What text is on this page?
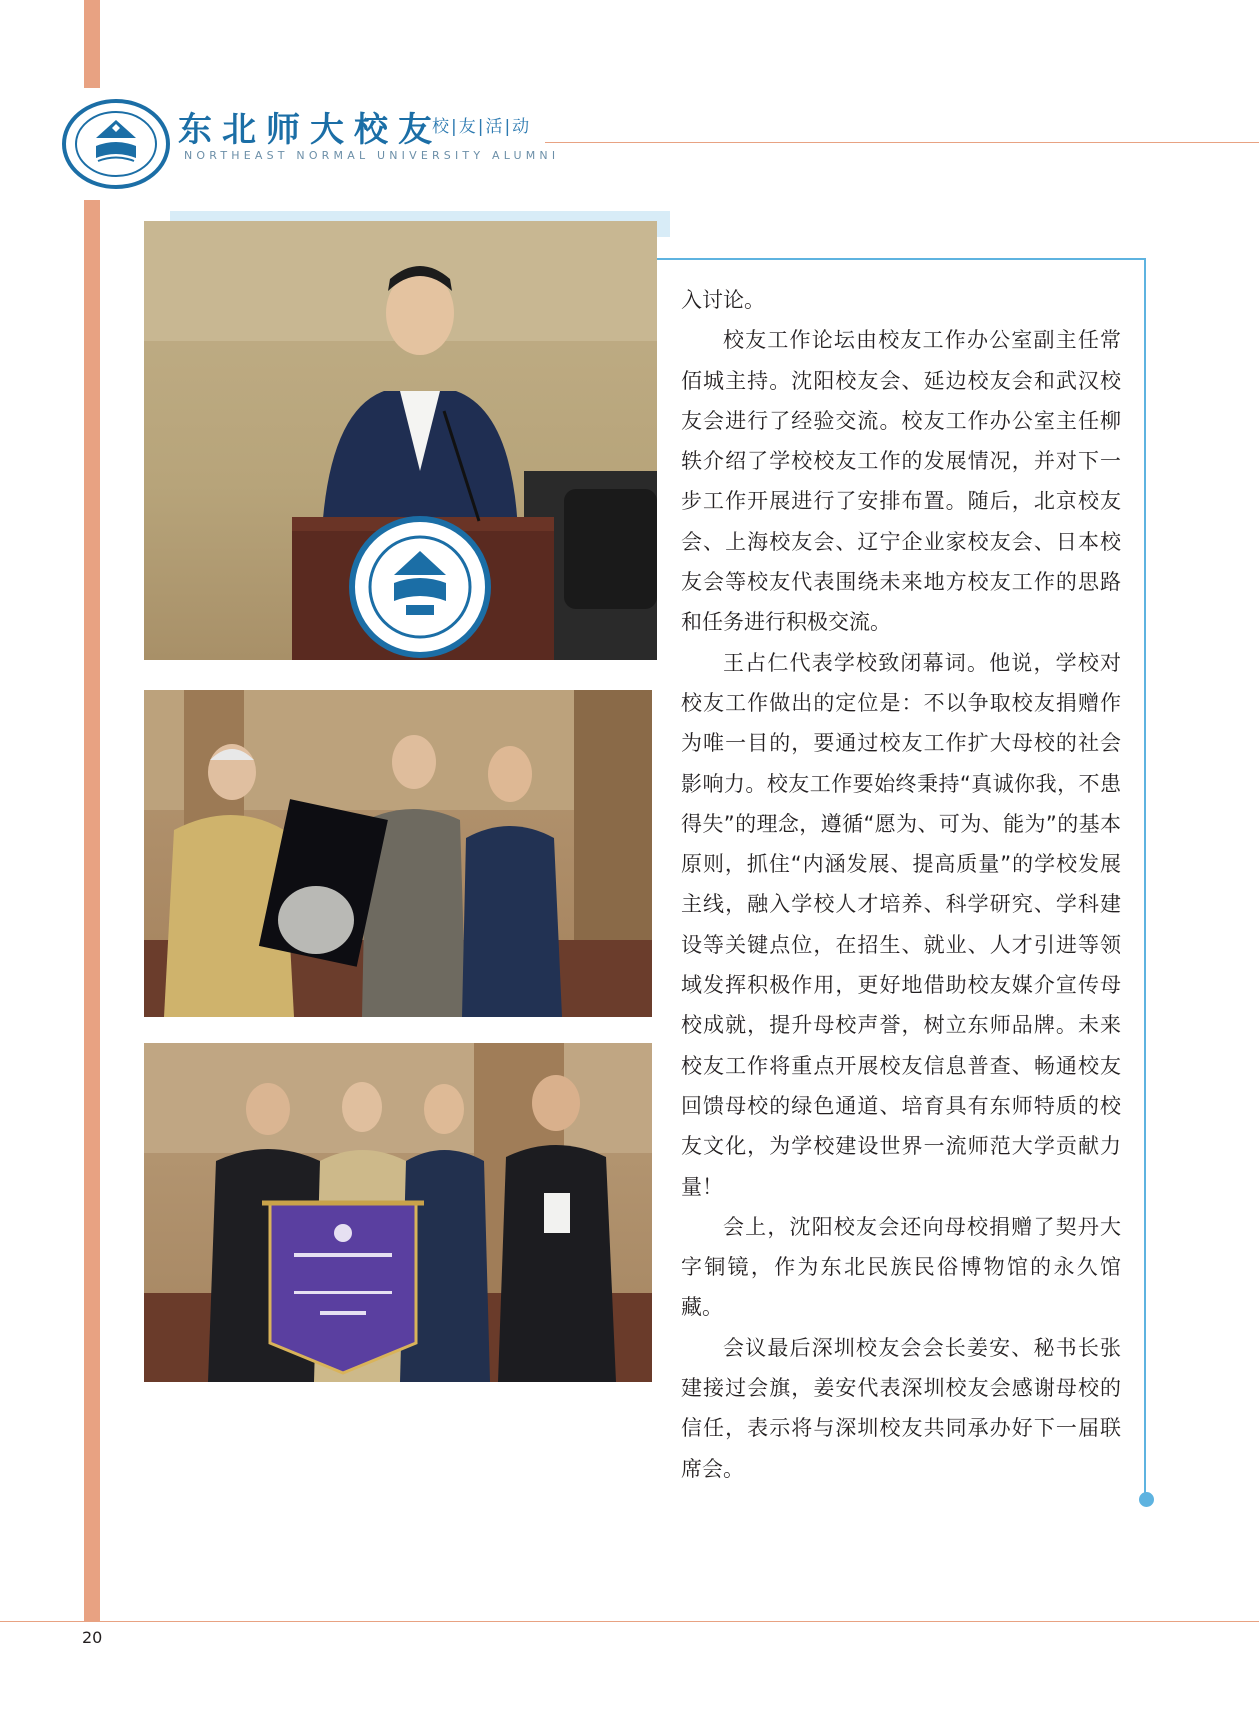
东北师大校友
校|友|活|动
NORTHEAST NORMAL UNIVERSITY ALUMNI

入讨论。

校友工作论坛由校友工作办公室副主任常佰城主持。沈阳校友会、延边校友会和武汉校友会进行了经验交流。校友工作办公室主任柳轶介绍了学校校友工作的发展情况，并对下一步工作开展进行了安排布置。随后，北京校友会、上海校友会、辽宁企业家校友会、日本校友会等校友代表围绕未来地方校友工作的思路和任务进行积极交流。

王占仁代表学校致闭幕词。他说，学校对校友工作做出的定位是：不以争取校友捐赠作为唯一目的，要通过校友工作扩大母校的社会影响力。校友工作要始终秉持“真诚你我，不患得失”的理念，遵循“愿为、可为、能为”的基本原则，抓住“内涵发展、提高质量”的学校发展主线，融入学校人才培养、科学研究、学科建设等关键点位，在招生、就业、人才引进等领域发挥积极作用，更好地借助校友媒介宣传母校成就，提升母校声誉，树立东师品牌。未来校友工作将重点开展校友信息普查、畅通校友回馈母校的绿色通道、培育具有东师特质的校友文化，为学校建设世界一流师范大学贡献力量！

会上，沈阳校友会还向母校捐赠了契丹大字铜镜，作为东北民族民俗博物馆的永久馆藏。

会议最后深圳校友会会长姜安、秘书长张建接过会旗，姜安代表深圳校友会感谢母校的信任，表示将与深圳校友共同承办好下一届联席会。

20
